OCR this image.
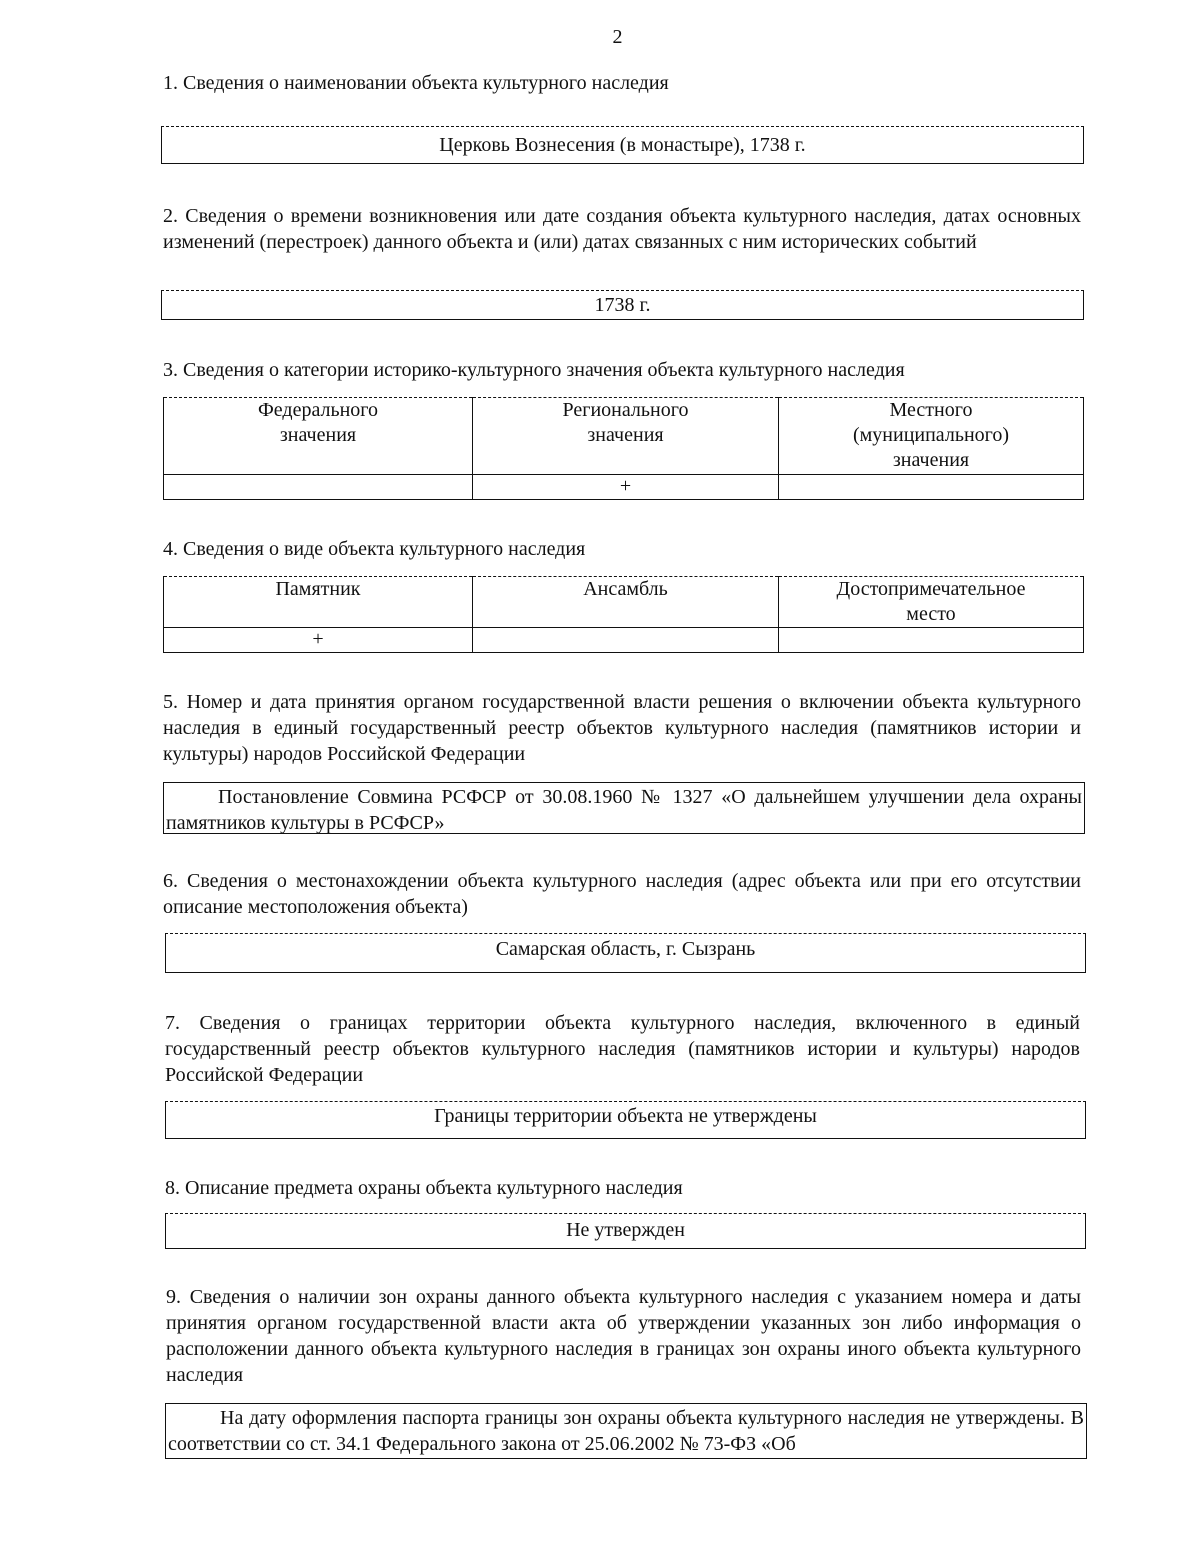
2
1. Сведения о наименовании объекта культурного наследия
Церковь Вознесения (в монастыре), 1738 г.
2. Сведения о времени возникновения или дате создания объекта культурного наследия, датах основных изменений (перестроек) данного объекта и (или) датах связанных с ним исторических событий
1738 г.
3. Сведения о категории историко-культурного значения объекта культурного наследия
Федерального значения	Регионального значения	Местного (муниципального) значения

	+	
4. Сведения о виде объекта культурного наследия
Памятник	Ансамбль	Достопримечательное место

+		
5. Номер и дата принятия органом государственной власти решения о включении объекта культурного наследия в единый государственный реестр объектов культурного наследия (памятников истории и культуры) народов Российской Федерации
Постановление Совмина РСФСР от 30.08.1960 № 1327 «О дальнейшем улучшении дела охраны памятников культуры в РСФСР»
6. Сведения о местонахождении объекта культурного наследия (адрес объекта или при его отсутствии описание местоположения объекта)
Самарская область, г. Сызрань
7. Сведения о границах территории объекта культурного наследия, включенного в единый государственный реестр объектов культурного наследия (памятников истории и культуры) народов Российской Федерации
Границы территории объекта не утверждены
8. Описание предмета охраны объекта культурного наследия
Не утвержден
9. Сведения о наличии зон охраны данного объекта культурного наследия с указанием номера и даты принятия органом государственной власти акта об утверждении указанных зон либо информация о расположении данного объекта культурного наследия в границах зон охраны иного объекта культурного наследия
На дату оформления паспорта границы зон охраны объекта культурного наследия не утверждены. В соответствии со ст. 34.1 Федерального закона от 25.06.2002 № 73-ФЗ «Об
